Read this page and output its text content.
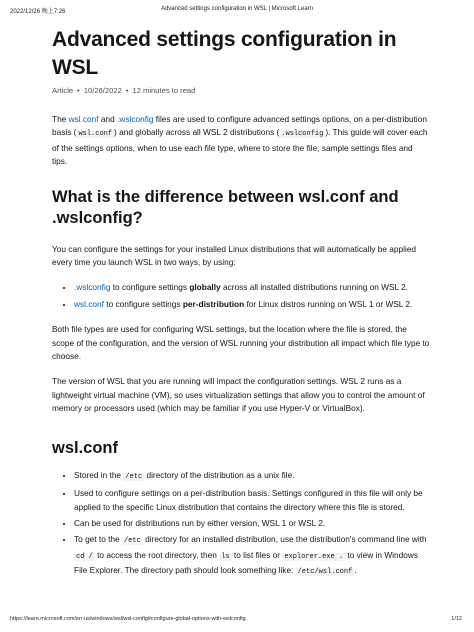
2022/12/26 晚上7:26	Advanced settings configuration in WSL | Microsoft Learn
Advanced settings configuration in WSL
Article • 10/26/2022 • 12 minutes to read

The wsl.conf and .wslconfig files are used to configure advanced settings options, on a per-distribution basis ( wsl.conf ) and globally across all WSL 2 distributions ( .wslconfig ). This guide will cover each of the settings options, when to use each file type, where to store the file, sample settings files and tips.

What is the difference between wsl.conf and .wslconfig?

You can configure the settings for your installed Linux distributions that will automatically be applied every time you launch WSL in two ways, by using:

• .wslconfig to configure settings globally across all installed distributions running on WSL 2.
• wsl.conf to configure settings per-distribution for Linux distros running on WSL 1 or WSL 2.

Both file types are used for configuring WSL settings, but the location where the file is stored, the scope of the configuration, and the version of WSL running your distribution all impact which file type to choose.

The version of WSL that you are running will impact the configuration settings. WSL 2 runs as a lightweight virtual machine (VM), so uses virtualization settings that allow you to control the amount of memory or processors used (which may be familiar if you use Hyper-V or VirtualBox).

wsl.conf
• Stored in the /etc directory of the distribution as a unix file.
• Used to configure settings on a per-distribution basis. Settings configured in this file will only be applied to the specific Linux distribution that contains the directory where this file is stored.
• Can be used for distributions run by either version, WSL 1 or WSL 2.
• To get to the /etc directory for an installed distribution, use the distribution's command line with cd / to access the root directory, then ls to list files or explorer.exe . to view in Windows File Explorer. The directory path should look something like: /etc/wsl.conf .
https://learn.microsoft.com/en-us/windows/wsl/wsl-config#configure-global-options-with-wslconfig	1/12
